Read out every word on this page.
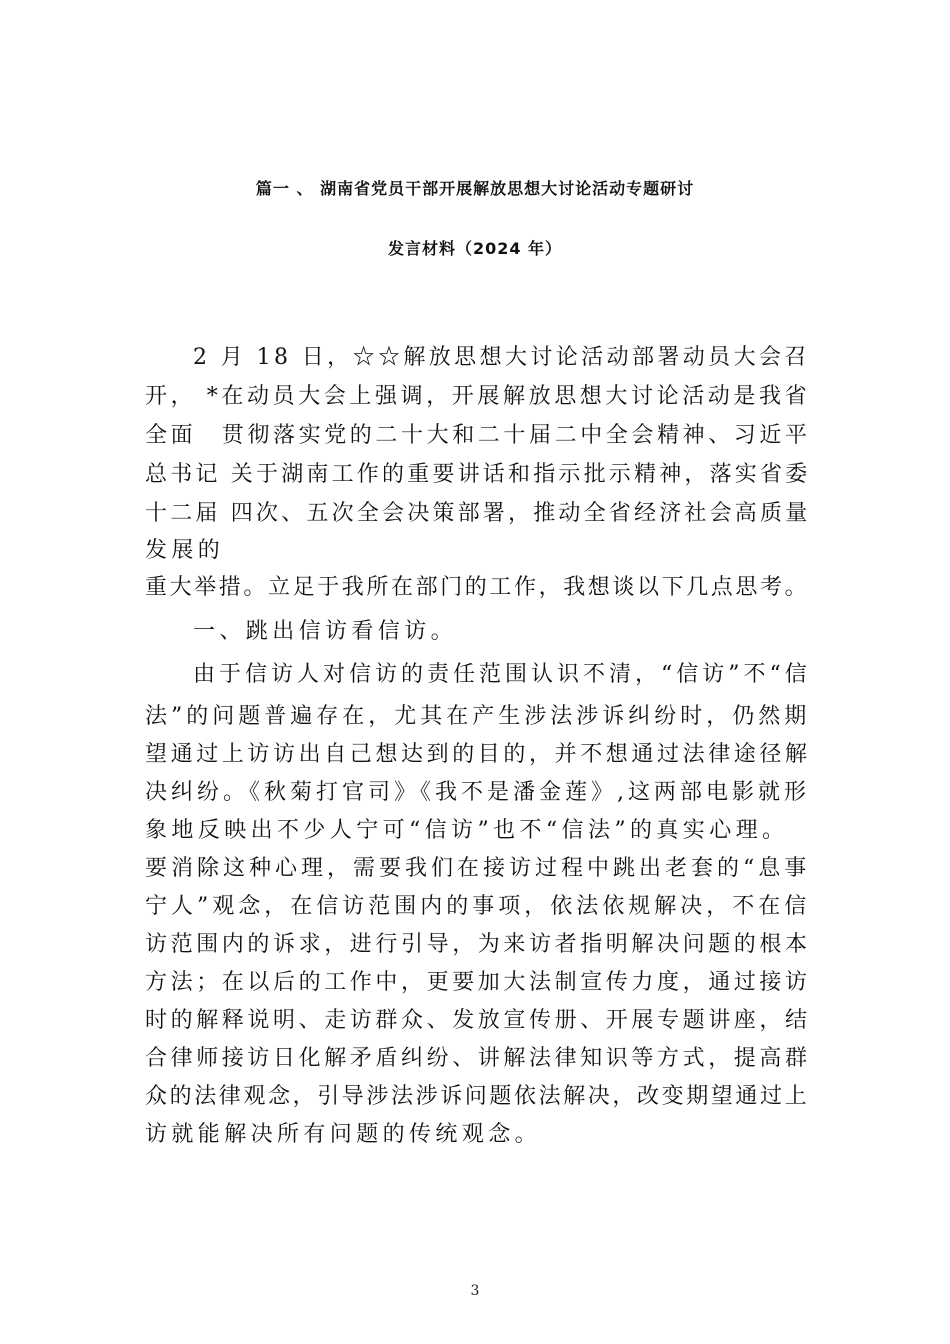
篇一 、 湖南省党员干部开展解放思想大讨论活动专题研讨
发言材料（2024 年）
2 月 18 日，☆☆解放思想大讨论活动部署动员大会召
开， *在动员大会上强调，开展解放思想大讨论活动是我省
全面　贯彻落实党的二十大和二十届二中全会精神、习近平
总书记 关于湖南工作的重要讲话和指示批示精神，落实省委
十二届 四次、五次全会决策部署，推动全省经济社会高质量
发展的
重大举措。立足于我所在部门的工作，我想谈以下几点思考。
一、跳出信访看信访。
由于信访人对信访的责任范围认识不清，“信访”不“信
法”的问题普遍存在，尤其在产生涉法涉诉纠纷时，仍然期
望通过上访访出自己想达到的目的，并不想通过法律途径解
决纠纷。《秋菊打官司》《我不是潘金莲》,这两部电影就形
象地反映出不少人宁可“信访”也不“信法”的真实心理。
要消除这种心理，需要我们在接访过程中跳出老套的“息事
宁人”观念，在信访范围内的事项，依法依规解决，不在信
访范围内的诉求，进行引导，为来访者指明解决问题的根本
方法；在以后的工作中，更要加大法制宣传力度，通过接访
时的解释说明、走访群众、发放宣传册、开展专题讲座，结
合律师接访日化解矛盾纠纷、讲解法律知识等方式，提高群
众的法律观念，引导涉法涉诉问题依法解决，改变期望通过上
访就能解决所有问题的传统观念。
3
